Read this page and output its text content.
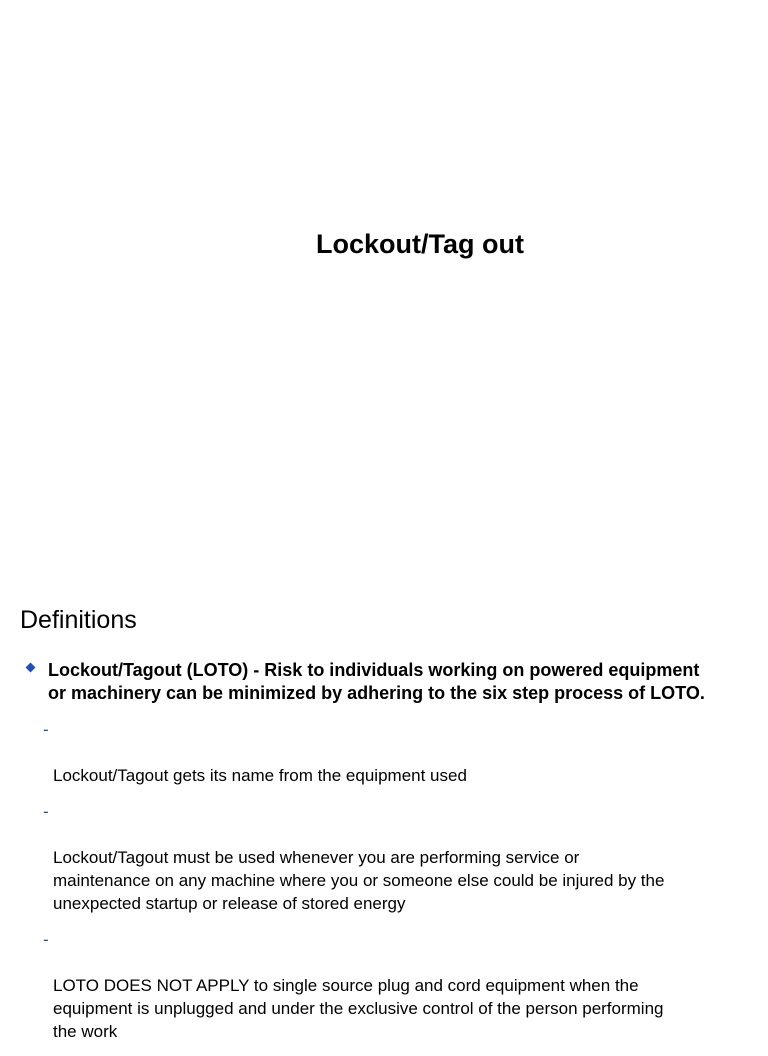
Lockout/Tag out
Definitions
Lockout/Tagout (LOTO) - Risk to individuals working on powered equipment
or machinery can be minimized by adhering to the six step process of LOTO.

-

Lockout/Tagout gets its name from the equipment used

-

Lockout/Tagout must be used whenever you are performing service or
maintenance on any machine where you or someone else could be injured by the
unexpected startup or release of stored energy

-

LOTO DOES NOT APPLY to single source plug and cord equipment when the
equipment is unplugged and under the exclusive control of the person performing
the work
